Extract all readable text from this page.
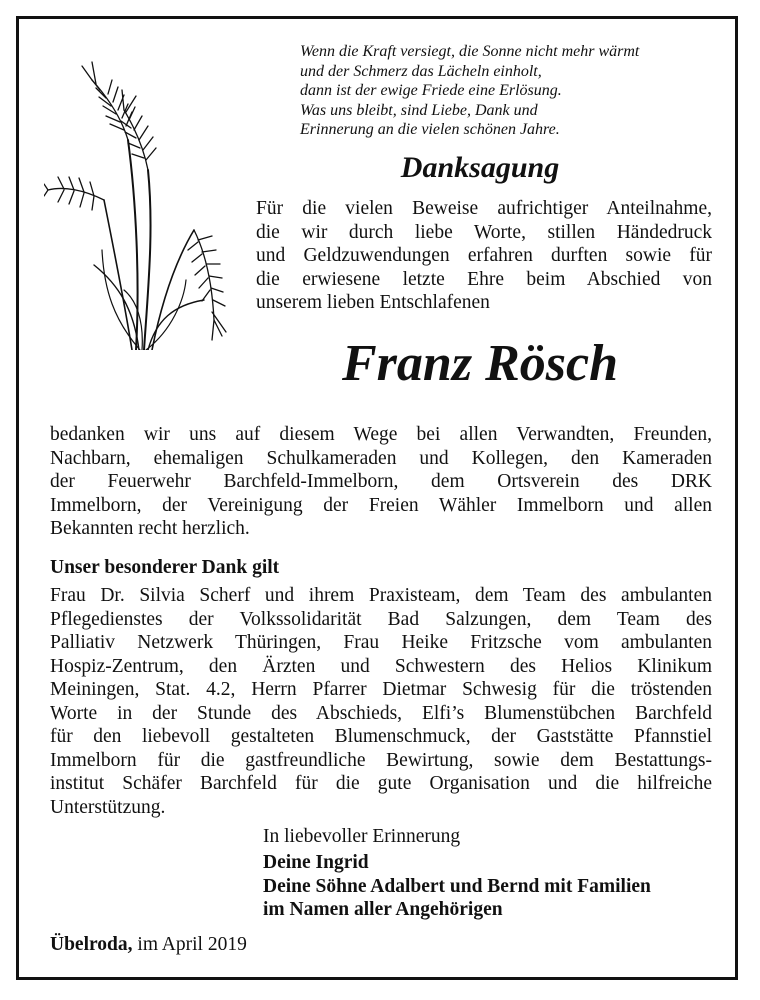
Wenn die Kraft versiegt, die Sonne nicht mehr wärmt
und der Schmerz das Lächeln einholt,
dann ist der ewige Friede eine Erlösung.
Was uns bleibt, sind Liebe, Dank und
Erinnerung an die vielen schönen Jahre.
Danksagung
Für die vielen Beweise aufrichtiger Anteilnahme,
die wir durch liebe Worte, stillen Händedruck
und Geldzuwendungen erfahren durften sowie für
die erwiesene letzte Ehre beim Abschied von
unserem lieben Entschlafenen
Franz Rösch
bedanken wir uns auf diesem Wege bei allen Verwandten, Freunden,
Nachbarn, ehemaligen Schulkameraden und Kollegen, den Kameraden
der Feuerwehr Barchfeld-Immelborn, dem Ortsverein des DRK
Immelborn, der Vereinigung der Freien Wähler Immelborn und allen
Bekannten recht herzlich.
Unser besonderer Dank gilt
Frau Dr. Silvia Scherf und ihrem Praxisteam, dem Team des ambulanten
Pflegedienstes der Volkssolidarität Bad Salzungen, dem Team des
Palliativ Netzwerk Thüringen, Frau Heike Fritzsche vom ambulanten
Hospiz-Zentrum, den Ärzten und Schwestern des Helios Klinikum
Meiningen, Stat. 4.2, Herrn Pfarrer Dietmar Schwesig für die tröstenden
Worte in der Stunde des Abschieds, Elfi’s Blumenstübchen Barchfeld
für den liebevoll gestalteten Blumenschmuck, der Gaststätte Pfannstiel
Immelborn für die gastfreundliche Bewirtung, sowie dem Bestattungs-
institut Schäfer Barchfeld für die gute Organisation und die hilfreiche
Unterstützung.
In liebevoller Erinnerung
Deine Ingrid
Deine Söhne Adalbert und Bernd mit Familien
im Namen aller Angehörigen
Übelroda, im April 2019
